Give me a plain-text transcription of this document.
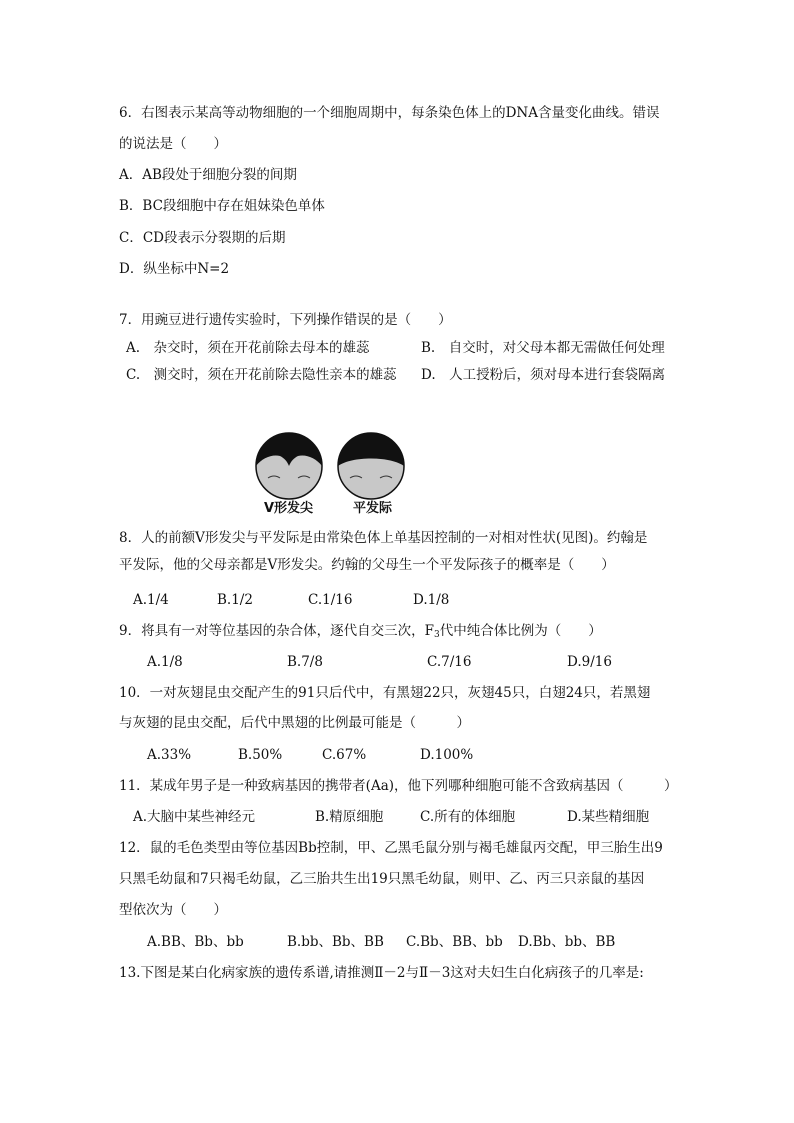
6．右图表示某高等动物细胞的一个细胞周期中，每条染色体上的DNA含量变化曲线。错误
的说法是（　　）
A．AB段处于细胞分裂的间期
B．BC段细胞中存在姐妹染色单体
C．CD段表示分裂期的后期
D．纵坐标中N=2
7．用豌豆进行遗传实验时，下列操作错误的是（　　）
A.　杂交时，须在开花前除去母本的雄蕊	B.　自交时，对父母本都无需做任何处理
C.　测交时，须在开花前除去隐性亲本的雄蕊 D.　人工授粉后，须对母本进行套袋隔离
V形发尖	平发际
8．人的前额V形发尖与平发际是由常染色体上单基因控制的一对相对性状(见图)。约翰是
平发际，他的父母亲都是V形发尖。约翰的父母生一个平发际孩子的概率是（　　）
A.1/4	B.1/2	C.1/16	D.1/8
9．将具有一对等位基因的杂合体，逐代自交三次，$F_3$代中纯合体比例为（　　）
A.1/8	B.7/8	C.7/16	D.9/16
10．一对灰翅昆虫交配产生的91只后代中，有黑翅22只，灰翅45只，白翅24只，若黑翅
与灰翅的昆虫交配，后代中黑翅的比例最可能是（　　　）
A.33%	B.50%	C.67%	D.100%
11．某成年男子是一种致病基因的携带者(Aa)，他下列哪种细胞可能不含致病基因（　　　）
A.大脑中某些神经元	B.精原细胞	C.所有的体细胞	D.某些精细胞
12．鼠的毛色类型由等位基因Bb控制，甲、乙黑毛鼠分别与褐毛雄鼠丙交配，甲三胎生出9
只黑毛幼鼠和7只褐毛幼鼠，乙三胎共生出19只黑毛幼鼠，则甲、乙、丙三只亲鼠的基因
型依次为（　　）
A.BB、Bb、bb	B.bb、Bb、BB C.Bb、BB、bb D.Bb、bb、BB
13.下图是某白化病家族的遗传系谱,请推测Ⅱ－2与Ⅱ－3这对夫妇生白化病孩子的几率是:
